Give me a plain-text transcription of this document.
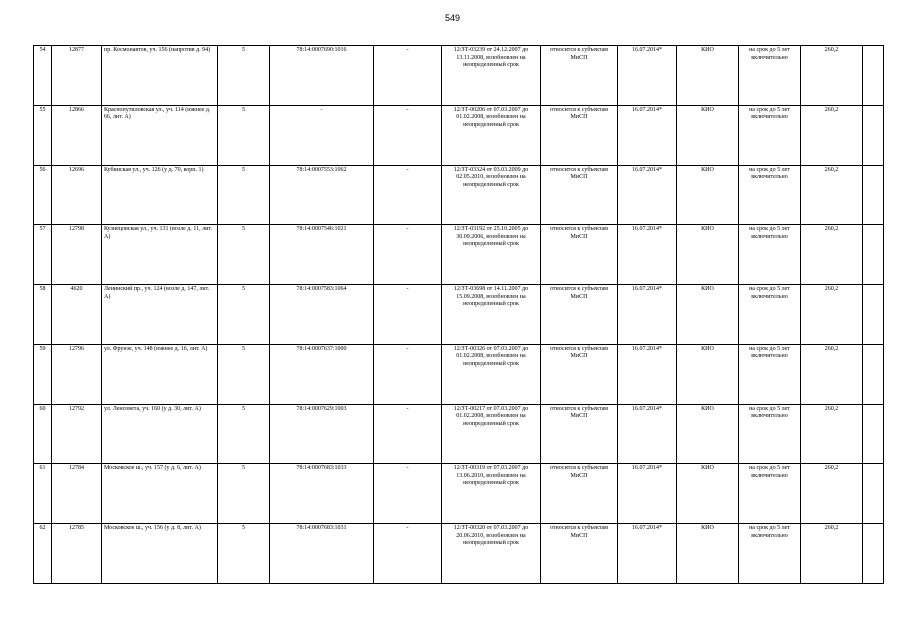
549
54	12877	пр. Космонавтов, уч. 156 (напротив д. 94)	5	78:14:0007690:1016	-	12/ЗТ-03239 от 24.12.2007 до 13.11.2008, возобновлен на неопределенный срок	относится к субъектам МиСП	16.07.2014*	КИО	на срок до 5 лет включительно	260,2	
55	12866	Краснопутиловская ул., уч. 114 (южнее д. 66, лит. А)	5	-	-	12/ЗТ-00206 от 07.03.2007 до 01.02.2008, возобновлен на неопределенный срок	относится к субъектам МиСП	16.07.2014*	КИО	на срок до 5 лет включительно	260,2	
56	12696	Кубинская ул., уч. 126 (у д. 70, корп. 1)	5	78:14:0007553:1062	-	12/ЗТ-03324 от 03.03.2009 до 02.05.2010, возобновлен на неопределенный срок	относится к субъектам МиСП	16.07.2014*	КИО	на срок до 5 лет включительно	260,2	
57	12798	Кузнецовская ул., уч. 131 (возле д. 11, лит. А)	5	78:14:0007546:1021	-	12/ЗТ-03192 от 25.10.2005 до 30.09.2006, возобновлен на неопределенный срок	относится к субъектам МиСП	16.07.2014*	КИО	на срок до 5 лет включительно	260,2	
58	4620	Ленинский пр., уч. 124 (возле д. 147, лит. А)	5	78:14:0007583:1064	-	12/ЗТ-03698 от 14.11.2007 до 15.09.2008, возобновлен на неопределенный срок	относится к субъектам МиСП	16.07.2014*	КИО	на срок до 5 лет включительно	260,2	
59	12796	ул. Фрунзе, уч. 148 (южнее д. 16, лит. А)	5	78:14:0007637:1000	-	12/ЗТ-00326 от 07.03.2007 до 01.02.2008, возобновлен на неопределенный срок	относится к субъектам МиСП	16.07.2014*	КИО	на срок до 5 лет включительно	260,2	
60	12792	ул. Ленсовета, уч. 160 (у д. 30, лит. А)	5	78:14:0007629:1003	-	12/ЗТ-00217 от 07.03.2007 до 01.02.2008, возобновлен на неопределенный срок	относится к субъектам МиСП	16.07.2014*	КИО	на срок до 5 лет включительно	260,2	
61	12784	Московское ш., уч. 157 (у д. 6, лит. А)	5	78:14:0007683:1033	-	12/ЗТ-00319 от 07.03.2007 до 13.06.2010, возобновлен на неопределенный срок	относится к субъектам МиСП	16.07.2014*	КИО	на срок до 5 лет включительно	260,2	
62	12785	Московское ш., уч. 156 (у д. 8, лит. А)	5	78:14:0007683:1031	-	12/ЗТ-00320 от 07.03.2007 до 20.06.2010, возобновлен на неопределенный срок	относится к субъектам МиСП	16.07.2014*	КИО	на срок до 5 лет включительно	260,2	
